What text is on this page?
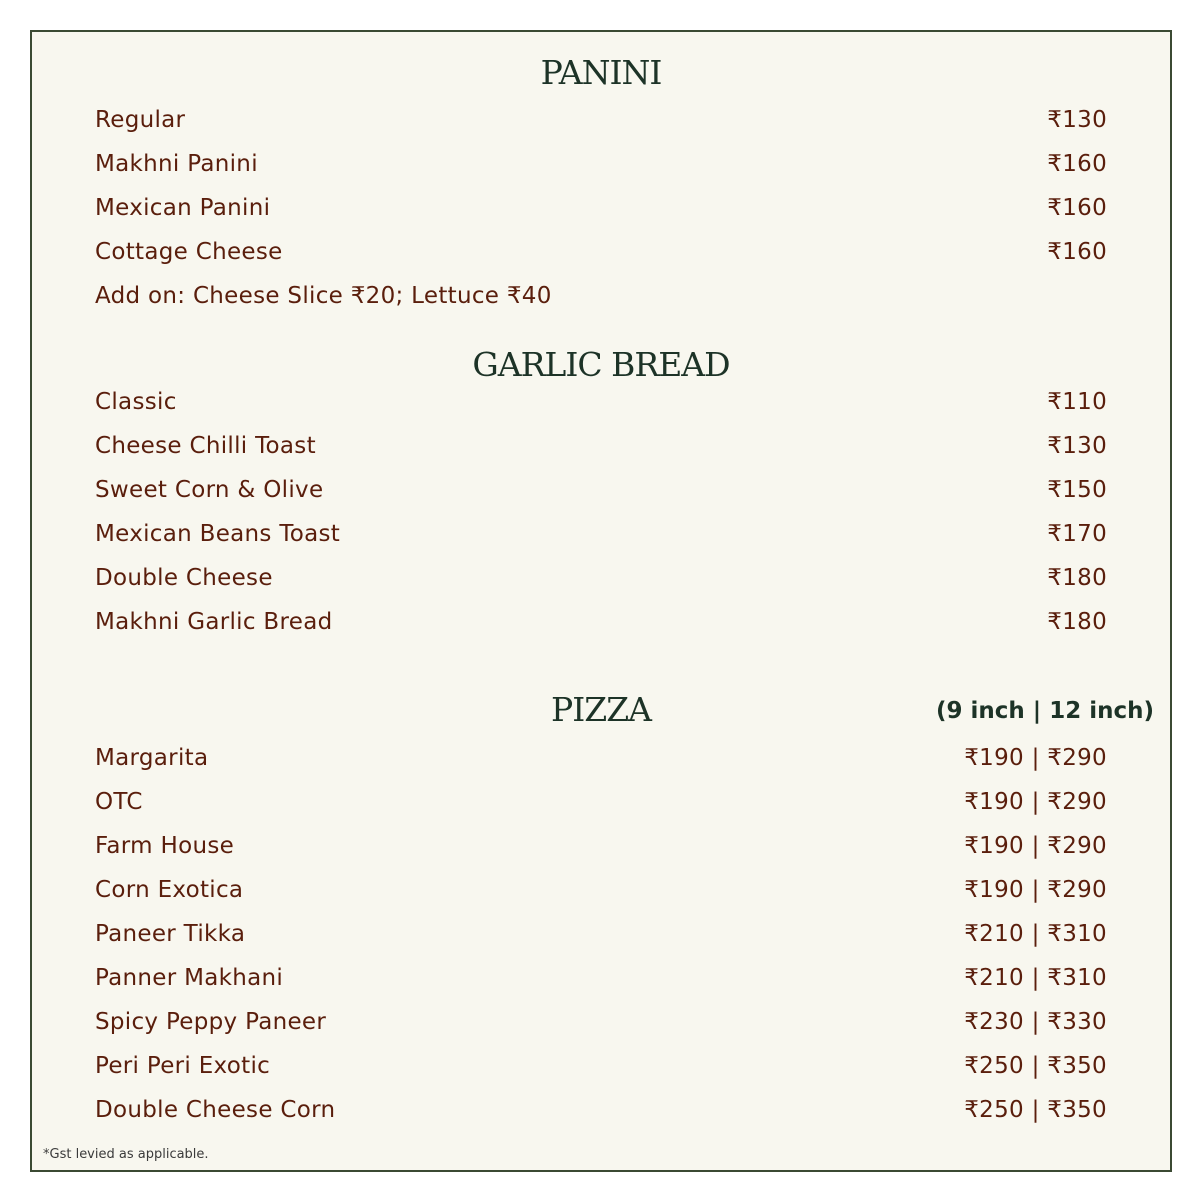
PANINI
Regular	₹130
Makhni Panini	₹160
Mexican Panini	₹160
Cottage Cheese	₹160
Add on: Cheese Slice ₹20; Lettuce ₹40
GARLIC BREAD
Classic	₹110
Cheese Chilli Toast	₹130
Sweet Corn & Olive	₹150
Mexican Beans Toast	₹170
Double Cheese	₹180
Makhni Garlic Bread	₹180
PIZZA	(9 inch | 12 inch)
Margarita	₹190 | ₹290
OTC	₹190 | ₹290
Farm House	₹190 | ₹290
Corn Exotica	₹190 | ₹290
Paneer Tikka	₹210 | ₹310
Panner Makhani	₹210 | ₹310
Spicy Peppy Paneer	₹230 | ₹330
Peri Peri Exotic	₹250 | ₹350
Double Cheese Corn	₹250 | ₹350
*Gst levied as applicable.
